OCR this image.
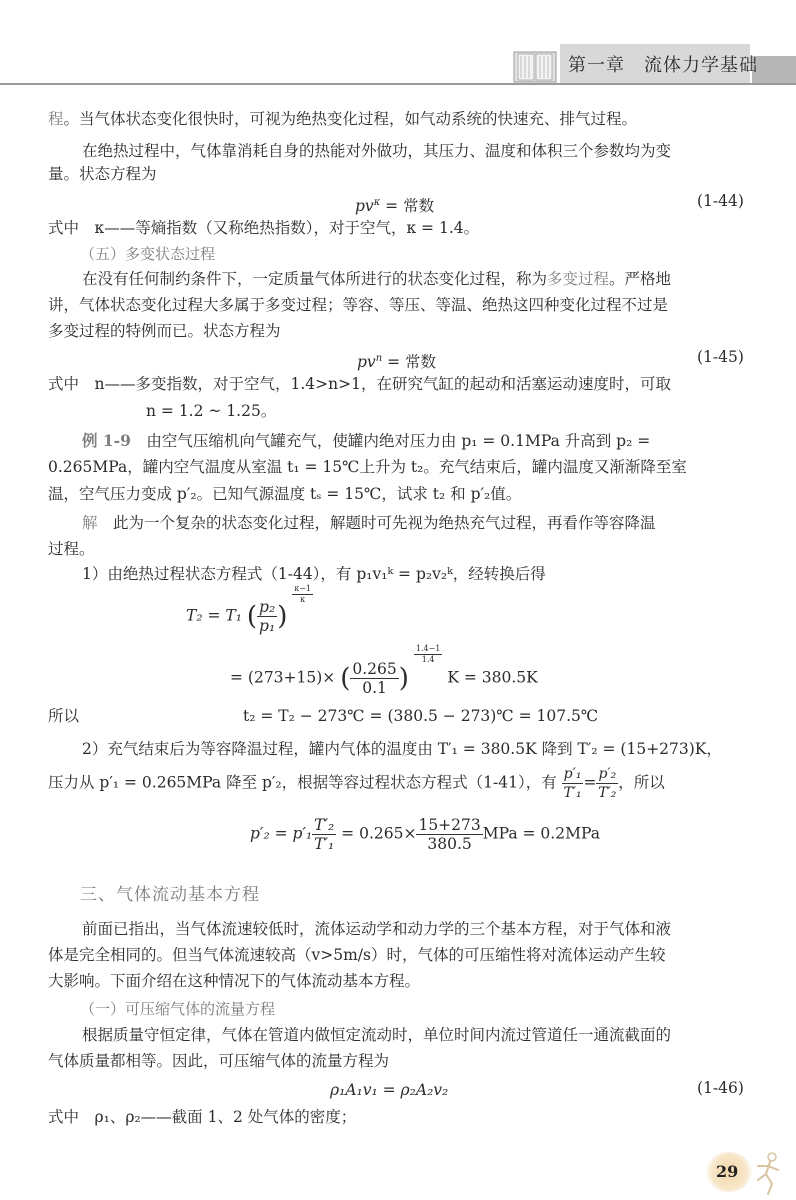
第一章　流体力学基础
程。当气体状态变化很快时，可视为绝热变化过程，如气动系统的快速充、排气过程。
在绝热过程中，气体靠消耗自身的热能对外做功，其压力、温度和体积三个参数均为变
量。状态方程为
$pv^\kappa$ = 常数	(1-44)
式中　κ——等熵指数（又称绝热指数），对于空气，κ = 1.4。
（五）多变状态过程
在没有任何制约条件下，一定质量气体所进行的状态变化过程，称为多变过程。严格地
讲，气体状态变化过程大多属于多变过程；等容、等压、等温、绝热这四种变化过程不过是
多变过程的特例而已。状态方程为
$pv^n$ = 常数	(1-45)
式中　n——多变指数，对于空气，1.4>n>1，在研究气缸的起动和活塞运动速度时，可取
n = 1.2 ~ 1.25。
例 1-9　由空气压缩机向气罐充气，使罐内绝对压力由 p₁ = 0.1MPa 升高到 p₂ =
0.265MPa，罐内空气温度从室温 t₁ = 15℃上升为 t₂。充气结束后，罐内温度又渐渐降至室
温，空气压力变成 p′₂。已知气源温度 tₛ = 15℃，试求 t₂ 和 p′₂值。
解　此为一个复杂的状态变化过程，解题时可先视为绝热充气过程，再看作等容降温
过程。
1）由绝热过程状态方程式（1-44），有 p₁v₁ᵏ = p₂v₂ᵏ，经转换后得
T₂ = T₁ ( $\frac{\text{p₂}}{\text{p₁}}$ )
$\frac{\kappa-1}{\kappa}$
= (273+15)× ( $\frac{0.265}{0.1}$ )
$\frac{1.4-1}{1.4}$
K = 380.5K
所以	t₂ = T₂ − 273℃ = (380.5 − 273)℃ = 107.5℃
2）充气结束后为等容降温过程，罐内气体的温度由 T′₁ = 380.5K 降到 T′₂ = (15+273)K，
压力从 p′₁ = 0.265MPa 降至 p′₂，根据等容过程状态方程式（1-41），有 $\frac{\text{p′₁}}{\text{T′₁}} = \frac{\text{p′₂}}{\text{T′₂}}$ ，所以
$p'_2 = p'_1 \frac{\text{T′₂}}{\text{T′₁}} = 0.265\times \frac{15+273}{380.5}$ MPa = 0.2MPa
三、气体流动基本方程
前面已指出，当气体流速较低时，流体运动学和动力学的三个基本方程，对于气体和液
体是完全相同的。但当气体流速较高（v>5m/s）时，气体的可压缩性将对流体运动产生较
大影响。下面介绍在这种情况下的气体流动基本方程。
（一）可压缩气体的流量方程
根据质量守恒定律，气体在管道内做恒定流动时，单位时间内流过管道任一通流截面的
气体质量都相等。因此，可压缩气体的流量方程为
ρ₁A₁v₁ = ρ₂A₂v₂	(1-46)
式中　ρ₁、ρ₂——截面 1、2 处气体的密度；
29
